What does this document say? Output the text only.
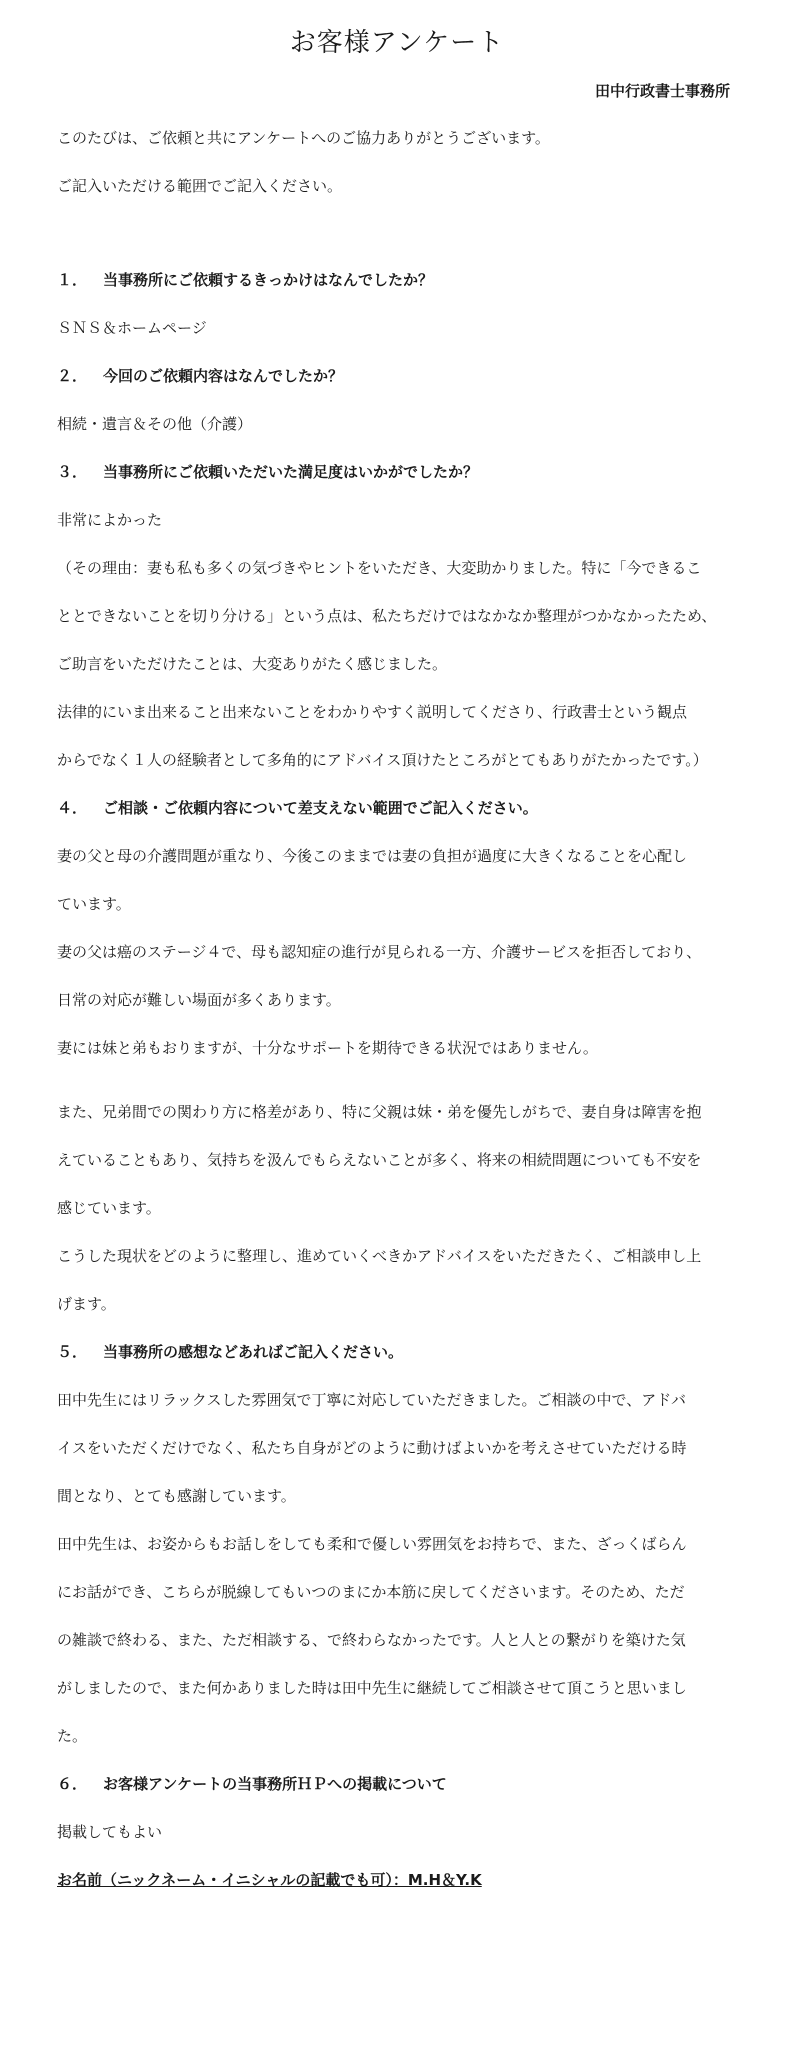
お客様アンケート

田中行政書士事務所

このたびは、ご依頼と共にアンケートへのご協力ありがとうございます。

ご記入いただける範囲でご記入ください。

１． 当事務所にご依頼するきっかけはなんでしたか？

ＳＮＳ＆ホームページ

２． 今回のご依頼内容はなんでしたか？

相続・遺言＆その他（介護）

３． 当事務所にご依頼いただいた満足度はいかがでしたか？

非常によかった

（その理由：妻も私も多くの気づきやヒントをいただき、大変助かりました。特に「今できるこ

ととできないことを切り分ける」という点は、私たちだけではなかなか整理がつかなかったため、

ご助言をいただけたことは、大変ありがたく感じました。

法律的にいま出来ること出来ないことをわかりやすく説明してくださり、行政書士という観点

からでなく１人の経験者として多角的にアドバイス頂けたところがとてもありがたかったです。）

４． ご相談・ご依頼内容について差支えない範囲でご記入ください。

妻の父と母の介護問題が重なり、今後このままでは妻の負担が過度に大きくなることを心配し

ています。

妻の父は癌のステージ４で、母も認知症の進行が見られる一方、介護サービスを拒否しており、

日常の対応が難しい場面が多くあります。

妻には妹と弟もおりますが、十分なサポートを期待できる状況ではありません。

また、兄弟間での関わり方に格差があり、特に父親は妹・弟を優先しがちで、妻自身は障害を抱

えていることもあり、気持ちを汲んでもらえないことが多く、将来の相続問題についても不安を

感じています。

こうした現状をどのように整理し、進めていくべきかアドバイスをいただきたく、ご相談申し上

げます。

５． 当事務所の感想などあればご記入ください。

田中先生にはリラックスした雰囲気で丁寧に対応していただきました。ご相談の中で、アドバ

イスをいただくだけでなく、私たち自身がどのように動けばよいかを考えさせていただける時

間となり、とても感謝しています。

田中先生は、お姿からもお話しをしても柔和で優しい雰囲気をお持ちで、また、ざっくばらん

にお話ができ、こちらが脱線してもいつのまにか本筋に戻してくださいます。そのため、ただ

の雑談で終わる、また、ただ相談する、で終わらなかったです。人と人との繋がりを築けた気

がしましたので、また何かありました時は田中先生に継続してご相談させて頂こうと思いまし

た。

６． お客様アンケートの当事務所ＨＰへの掲載について

掲載してもよい

お名前（ニックネーム・イニシャルの記載でも可）：M.H＆Y.K
